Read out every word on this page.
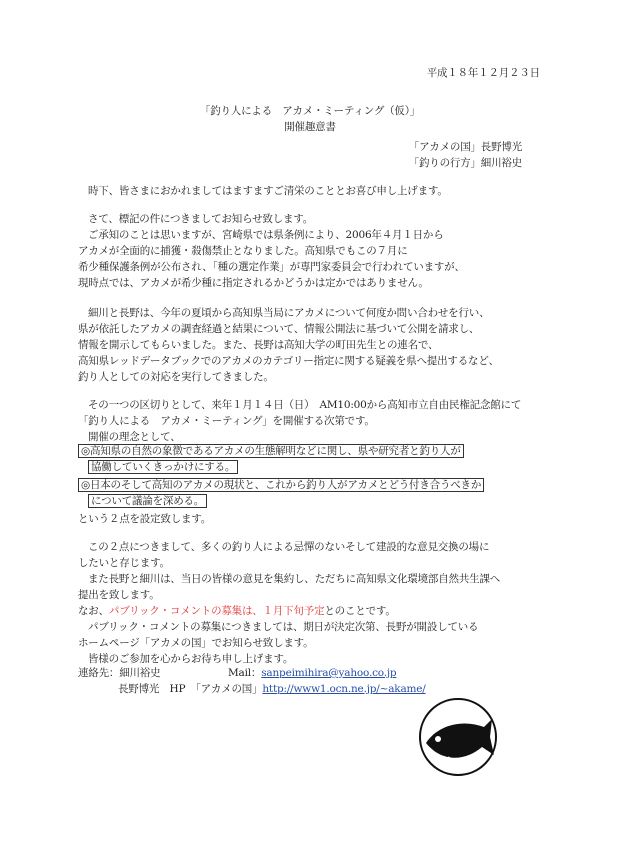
平成１８年１２月２３日
「釣り人による　アカメ・ミーティング（仮）」
開催趣意書
「アカメの国」長野博光
「釣りの行方」細川裕史
時下、皆さまにおかれましてはますますご清栄のこととお喜び申し上げます。
さて、標記の件につきましてお知らせ致します。
ご承知のことは思いますが、宮崎県では県条例により、2006年４月１日から
アカメが全面的に捕獲・殺傷禁止となりました。高知県でもこの７月に
希少種保護条例が公布され、「種の選定作業」が専門家委員会で行われていますが、
現時点では、アカメが希少種に指定されるかどうかは定かではありません。
細川と長野は、今年の夏頃から高知県当局にアカメについて何度か問い合わせを行い、
県が依託したアカメの調査経過と結果について、情報公開法に基づいて公開を請求し、
情報を開示してもらいました。また、長野は高知大学の町田先生との連名で、
高知県レッドデータブックでのアカメのカテゴリー指定に関する疑義を県へ提出するなど、
釣り人としての対応を実行してきました。
その一つの区切りとして、来年１月１４日（日）　AM10:00から高知市立自由民権記念館にて
「釣り人による　アカメ・ミーティング」を開催する次第です。
開催の理念として、
◎高知県の自然の象徴であるアカメの生態解明などに関し、県や研究者と釣り人が
協働していくきっかけにする。
◎日本のそして高知のアカメの現状と、これから釣り人がアカメとどう付き合うべきか
について議論を深める。
という２点を設定致します。
この２点につきまして、多くの釣り人による忌憚のないそして建設的な意見交換の場に
したいと存じます。
また長野と細川は、当日の皆様の意見を集約し、ただちに高知県文化環境部自然共生課へ
提出を致します。
なお、パブリック・コメントの募集は、１月下旬予定とのことです。
パブリック・コメントの募集につきましては、期日が決定次第、長野が開設している
ホームページ「アカメの国」でお知らせ致します。
皆様のご参加を心からお待ち申し上げます。
連絡先：細川裕史	Mail：sanpeimihira@yahoo.co.jp
長野博光　HP　「アカメの国」http://www1.ocn.ne.jp/~akame/
